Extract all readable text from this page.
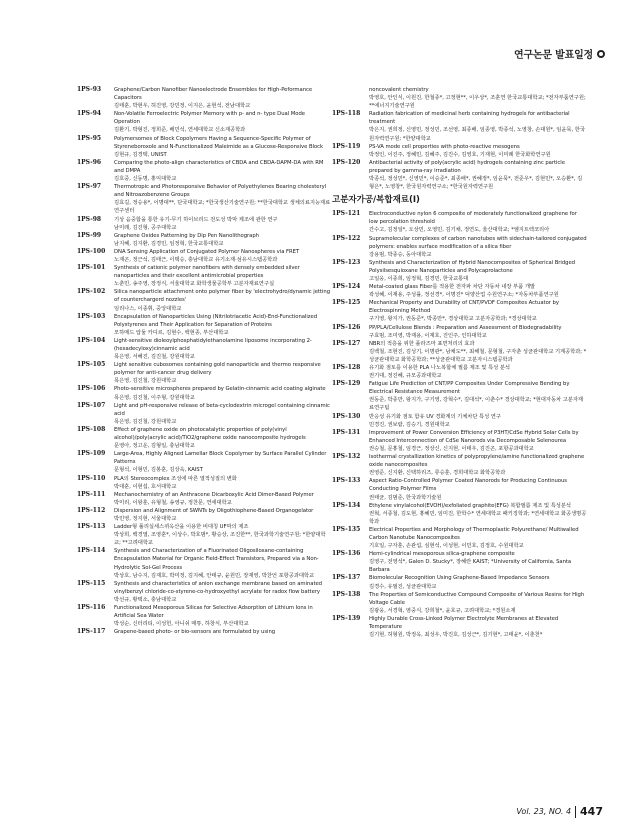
연구논문 발표일정
1PS-93	Graphene/Carbon Nanofiber Nanoelectrode Ensembles for High-Peformance Capacitors
김태훈, 박현우, 허진영, 강민정, 이지은, 윤현석, 전남대학교
1PS-94	Non-Volatile Ferroelectric Polymer Memory with p- and n- type Dual Mode Operation
김환기, 박형진, 정희준, 배민석, 연세대학교 신소재공학과
1PS-95	Polymersomes of Block Copolymers Having a Sequence-Specific Polymer of Styreneboroxole and N-Functionalized Maleimide as a Glucose-Responsive Block
김현규, 김경택, UNIST
1PS-96	Comparing the photo-align characteristics of CBDA and CBDA-DAPM-DA with RM and DMPA
김호중, 신동명, 홍익대학교
1PS-97	Thermotropic and Photoresponsive Behavior of Polyethylenes Bearing cholesteryl and Nitroazobenzene Groups
김효길, 정승용*, 이명대**, 단국대학교; *한국생산기술연구원; **한국대학교 생체의료지능재료연구센터
1PS-98	기상 음중합을 통한 유기-무기 하이브리드 전도성 박막 제조에 관한 연구
남미래, 김진형, 공주대학교
1PS-99	Graphene Oxides Patterning by Dip Pen Nanolithograph
남지혜, 김지환, 김경민, 임정혁, 한국교통대학교
1PS-100	DNA Sensing Application of Conjugated Polymer Nanospheres via FRET
노재곤, 정근석, 김태근, 이택승, 충남대학교 유기소재·섬유시스템공학과
1PS-101	Synthesis of cationic polymer nanofibers with densely embedded silver nanoparticles and their excellent antimicrobial properties
노춘민, 송주영, 장정식, 서울대학교 화학생물공학부 고분자재료연구실
1PS-102	Silica nanoparticle attachment onto polymer fiber by 'electrohydro/dynamic jetting of counterchargerd nozzles'
임리나스, 이종휘, 중앙대학교
1PS-103	Encapsulation of Nanoparticles Using (Nitrilotriacetic Acid)-End-Functionalized Polystyrenes and Their Application for Separation of Proteins
모하메드 압둘 카디르, 김현수, 백현종, 부산대학교
1PS-104	Light-sensitive dioleoylphosphatidylethanolamine liposome incorporating 2-(hexadecyloxy)cinnamic acid
목은영, 서혜진, 김진철, 강원대학교
1PS-105	Light sensitive cubosomes containing gold nanoparticle and thermo responsive polymer for anti-cancer drug delivery
목은영, 김진철, 강원대학교
1PS-106	Photo-sensitive microspheres prepared by Gelatin-cinnamic acid coating alginate
목은영, 김진철, 이주형, 강원대학교
1PS-107	Light and pH-responsive release of beta-cyclodextrin microgel containing cinnamic acid
목은영, 김진철, 강원대학교
1PS-108	Effect of graphene oxide on photocatalytic properties of poly(vinyl alcohol)/poly(acrylic acid)/TiO2/graphene oxide nanocomposite hydrogels
문영아, 정고운, 김형일, 충남대학교
1PS-109	Large-Area, Highly Aligned Lamellar Block Copolymer by Surface Parallel Cylinder Patterns
문형석, 이형민, 김봉훈, 김상욱, KAIST
1PS-110	PLA의 Stereocomplex 조성에 따른 열적성질의 변화
박대훈, 이현섭, 호서대학교
1PS-111	Mechanochemistry of an Anthracene Dicarboxylic Acid Dimer-Based Polymer
박미리, 이왕훈, 유형철, 송영규, 정찬문, 연세대학교
1PS-112	Dispersion and Alignment of SWNTs by Oligothiophene-Based Organogelator
박민영, 정지현, 서울대학교
1PS-113	Ladder형 폴리실세스퀴옥산을 이용한 비대칭 UF막의 제조
박상희, 백경열, 조영훈*, 이상수, 박호범*, 황승상, 조진한**, 한국과학기술연구원; *한양대학교; **고려대학교
1PS-114	Synthesis and Characterization of a Fluorinated Oligosiloxane-containing Encapsulation Material for Organic Field-Effect Transistors, Prepared via a Non-Hydrolytic Sol-Gel Process
박상호, 남수지, 김재호, 박미정, 김지혜, 안태규, 윤원민, 장재영, 박찬언 포항공과대학교
1PS-115	Synthesis and characteristics of anion exchange membrane based on aminated vinylbenzyl chloride-co-styrene-co-hydroxyethyl acrylate for radox flow battery
박선규, 황택소, 충남대학교
1PS-116	Functionalized Mesoporous Silicas for Selective Adsorption of Lithium Ions in Artificial Sea Water
박성순, 신터리티, 이성헌, 아니쉬 매튜, 하창식, 부산대학교
1PS-117	Grapene-based photo- or bio-sensors are formulated by using
noncovalent chemistry
박영호, 안인식, 이원진, 한철종*, 고정현**, 이우상*, 조훈연 한국교통대학교; *전자부품연구원; **에너지기술연구원
1PS-118	Radiation fabrication of medicinal herb containing hydrogels for antibacterial treatment
박은지, 권희정, 신영민, 정성민, 조선영, 최종배, 임종영, 박종석, 노영창, 손대원*, 임윤묵, 한국원자력연구원; *한양대학교
1PS-119	PS-VA mode cell properties with photo-reactive mesogens
박정인, 이진주, 정혜민, 김혜주, 김진수, 김영호, 기재현, 이미례 한국화학연구원
1PS-120	Antibacterial activity of poly(acrylic acid) hydrogels containing zinc particle prepared by gamma-ray irradiation
박종석, 정성민*, 신영민*, 이승준*, 최종배*, 권혜정*, 임윤묵*, 전준우*, 김현민*, 오승환*, 김형은*, 노영창*, 한국원자력연구소; *한국원자력연구원
고분자가공/복합재료(I)
1PS-121	Electroconductive nylon 6 composite of moderately functionalized graphene for low percolation threshold
간수고, 김정일*, 오상민, 오영민, 김기채, 정연도, 울산대학교; *엠지트렉코리아
1PS-122	Supramolecular complexes of carbon nanotubes with sidechain-tailored conjugated polymers: enables surface modification of a silica fiber
강용범, 박종승, 동아대학교
1PS-123	Synthesis and Characterization of Hybrid Nanocomposites of Spherical Bridged Polysilsesquioxane Nanoparticles and Polycaprolactone
고일웅, 이종희, 임정혁, 김경민, 한국교통대
1PS-124	Metal-coated glass Fiber를 적용한 전자파 차단 자동차 내장 부품 개발
곽성혜, 이재용, 주성률, 정선경*, 이명진* 덕양산업 수원연구소; *자동차부품연구원
1PS-125	Mechanical Property and Durability of CNT/PVDF Composites Actuator by Electrospinning Method
구기영, 왕지가, 권동준*, 박종만*, 경상대학교 고분자공학과; *경상대학교
1PS-126	PP/PLA/Cellulose Blends : Preparation and Assessment of Biodegradability
구효범, 조미영, 박재용, 이재호, 진인주, 인하대학교
1PS-127	NBR의 적층을 위한 플라즈마 표면처리의 효과
김백철, 조현진, 김성기, 이명관*, 남채도**, 최해철, 문형철, 구자춘 성균관대학교 기계공학과; *성균관대학교 화학공학과; **성균관대학교 고분자시스템공학과
1PS-128	유기화 점토를 이용한 PLA 나노복합체 필름 제조 및 특성 분석
권기대, 정진혜, 규모공과대학교
1PS-129	Fatigue Life Prediction of CNT/PP Composites Under Compressive Bending by Electrical Resistance Measurement
권동준, 박종만, 왕지가, 구기영, 강혁수*, 김대석*, 이춘수* 경상대학교; *현대자동차 고분자재료연구팀
1PS-130	반응성 유기화 점토 함유 UV 경화계의 기체차단 특성 연구
민경진, 권보람, 김승기, 경원대학교
1PS-131	Improvement of Power Conversion Efficiency of P3HT/CdSe Hybrid Solar Cells by Enhanced Interconnection of CdSe Nanorods via Decomposable Selenourea
권승철, 문홍철, 임경근, 정상신, 신지현, 이태우, 김진곤, 포항공과대학교
1PS-132	Isothermal crystallization kinetics of polypropylene/amine functionalized graphene oxide nanocomposites
권영준, 신지환, 신택하리즈, 류승훈, 경희대학교 화학공학과
1PS-133	Aspect Ratio-Controlled Polymer Coated Nanorods for Producing Continuous Conducting Polymer Films
권태균, 김범준, 한국과학기술원
1PS-134	Ethylene vinylalcohol(EVOH)/exfoliated graphite(EFG) 복합필름 제조 및 특성분석
권혁, 서종철, 김도현, 홍혜민, 임미진, 한학수* 연세대학교 패키징학과; *연세대학교 화공생명공학과
1PS-135	Electrical Properties and Morphology of Thermoplastic Polyurethane/ Multiwalled Carbon Nanotube Nanocomposites
기호일, 구자훈, 손관섭, 심현석, 이성현, 이민호, 김정호, 수원대학교
1PS-136	Hemi-cylindrical mesoporous silica-graphene composite
김영구, 전영석*, Galen D. Stucky*, 장혜란 KAIST; *University of California, Santa Barbara
1PS-137	Biomolecular Recognition Using Graphene-Based Impedance Sensors
김경수, 유필진, 성균관대학교
1PS-138	The Properties of Semiconductive Compound Composite of Various Resins for High Voltage Cable
김광웅, 서경혁, 염중식, 강희철*, 윤호규, 고려대학교; *경원소재
1PS-139	Highly Durable Cross-Linked Polymer Electrolyte Membranes at Elevated Temperature
김기현, 허형원, 박정옥, 최성우, 박진호, 김성근*, 김기현*, 고태윤*, 이춘천*
Vol. 23, NO. 4 447
